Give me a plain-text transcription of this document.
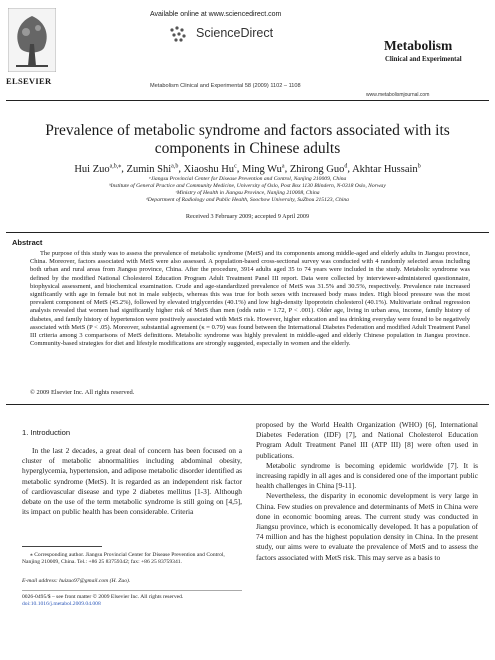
ELSEVIER
Available online at www.sciencedirect.com
ScienceDirect
Metabolism Clinical and Experimental 58 (2009) 1102 – 1108
Metabolism
Clinical and Experimental
www.metabolismjournal.com
Prevalence of metabolic syndrome and factors associated with its
components in Chinese adults
Hui Zuo$^{a,b,⁎}$, Zumin Shi$^{a,b}$, Xiaoshu Hu$^c$, Ming Wu$^a$, Zhirong Guo$^d$, Akhtar Hussain$^b$
ᵃJiangsu Provincial Center for Disease Prevention and Control, Nanjing 210009, China
ᵇInstitute of General Practice and Community Medicine, University of Oslo, Post Box 1130 Blindern, N-0318 Oslo, Norway
ᶜMinistry of Health in Jiangsu Province, Nanjing 210008, China
ᵈDepartment of Radiology and Public Health, Soochow University, SuZhou 215123, China
Received 3 February 2009; accepted 9 April 2009
Abstract
The purpose of this study was to assess the prevalence of metabolic syndrome (MetS) and its components among middle-aged and elderly adults in Jiangsu province, China. Moreover, factors associated with MetS were also assessed. A population-based cross-sectional survey was conducted with 4 randomly selected areas including both urban and rural areas from Jiangsu province, China. After the procedure, 3914 adults aged 35 to 74 years were included in the study. Metabolic syndrome was defined by the modified National Cholesterol Education Program Adult Treatment Panel III report. Data were collected by interviewer-administered questionnaire, biophysical assessment, and biochemical examination. Crude and age-standardized prevalence of MetS was 31.5% and 30.5%, respectively. Prevalence rate increased significantly with age in female but not in male subjects, whereas this was true for both sexes with increased body mass index. High blood pressure was the most prevalent component of MetS (45.2%), followed by elevated triglycerides (40.1%) and low high-density lipoprotein cholesterol (40.1%). Multivariate ordinal regression analysis revealed that women had significantly higher risk of MetS than men (odds ratio = 1.72, P < .001). Older age, living in urban area, income, family history of diabetes, and family history of hypertension were positively associated with MetS risk. However, higher education and tea drinking everyday were found to be negatively associated with MetS (P < .05). Moreover, substantial agreement (κ = 0.79) was found between the International Diabetes Federation and modified Adult Treatment Panel III criteria among 3 comparisons of MetS definitions. Metabolic syndrome was highly prevalent in middle-aged and elderly Chinese population in Jiangsu province. Community-based strategies for diet and lifestyle modifications are strongly suggested, especially in women and the elderly.
© 2009 Elsevier Inc. All rights reserved.
1. Introduction
In the last 2 decades, a great deal of concern has been focused on a cluster of metabolic abnormalities including abdominal obesity, hyperglycemia, hypertension, and adipose metabolic disorder identified as metabolic syndrome (MetS). It is regarded as an independent risk factor of cardiovascular disease and type 2 diabetes mellitus [1-3]. Although debate on the use of the term metabolic syndrome is still going on [4,5], its impact on public health has been considerable. Criteria

proposed by the World Health Organization (WHO) [6], International Diabetes Federation (IDF) [7], and National Cholesterol Education Program Adult Treatment Panel III (ATP III) [8] were often used in publications.

Metabolic syndrome is becoming epidemic worldwide [7]. It is increasing rapidly in all ages and is considered one of the important public health challenges in China [9-11].

Nevertheless, the disparity in economic development is very large in China. Few studies on prevalence and determinants of MetS in China were done in economic booming areas. The current study was conducted in Jiangsu province, which is economically developed. It has a population of 74 million and has the highest population density in China. In the present study, our aims were to evaluate the prevalence of MetS and to assess the factors associated with MetS risk. This may serve as a basis to

⁎ Corresponding author. Jiangsu Provincial Center for Disease Prevention and Control, Nanjing 210009, China. Tel.: +86 25 83759342; fax: +86 25 83759341.
E-mail address: huizuo97@gmail.com (H. Zuo).
0026-0495/$ – see front matter © 2009 Elsevier Inc. All rights reserved.
doi:10.1016/j.metabol.2009.04.008
